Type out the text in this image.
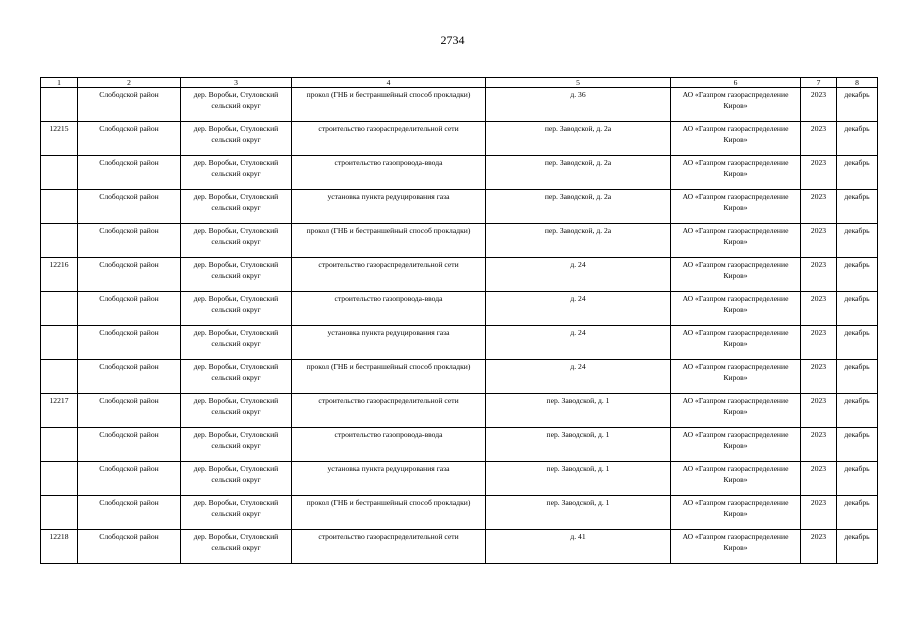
2734
1	2	3	4	5	6	7	8
	Слободской район	дер. Воробьи, Стуловский сельский округ	прокол (ГНБ и бестраншейный способ прокладки)	д. 36	АО «Газпром газораспределение Киров»	2023	декабрь
12215	Слободской район	дер. Воробьи, Стуловский сельский округ	строительство газораспределительной сети	пер. Заводской, д. 2а	АО «Газпром газораспределение Киров»	2023	декабрь
	Слободской район	дер. Воробьи, Стуловский сельский округ	строительство газопровода-ввода	пер. Заводской, д. 2а	АО «Газпром газораспределение Киров»	2023	декабрь
	Слободской район	дер. Воробьи, Стуловский сельский округ	установка пункта редуцирования газа	пер. Заводской, д. 2а	АО «Газпром газораспределение Киров»	2023	декабрь
	Слободской район	дер. Воробьи, Стуловский сельский округ	прокол (ГНБ и бестраншейный способ прокладки)	пер. Заводской, д. 2а	АО «Газпром газораспределение Киров»	2023	декабрь
12216	Слободской район	дер. Воробьи, Стуловский сельский округ	строительство газораспределительной сети	д. 24	АО «Газпром газораспределение Киров»	2023	декабрь
	Слободской район	дер. Воробьи, Стуловский сельский округ	строительство газопровода-ввода	д. 24	АО «Газпром газораспределение Киров»	2023	декабрь
	Слободской район	дер. Воробьи, Стуловский сельский округ	установка пункта редуцирования газа	д. 24	АО «Газпром газораспределение Киров»	2023	декабрь
	Слободской район	дер. Воробьи, Стуловский сельский округ	прокол (ГНБ и бестраншейный способ прокладки)	д. 24	АО «Газпром газораспределение Киров»	2023	декабрь
12217	Слободской район	дер. Воробьи, Стуловский сельский округ	строительство газораспределительной сети	пер. Заводской, д. 1	АО «Газпром газораспределение Киров»	2023	декабрь
	Слободской район	дер. Воробьи, Стуловский сельский округ	строительство газопровода-ввода	пер. Заводской, д. 1	АО «Газпром газораспределение Киров»	2023	декабрь
	Слободской район	дер. Воробьи, Стуловский сельский округ	установка пункта редуцирования газа	пер. Заводской, д. 1	АО «Газпром газораспределение Киров»	2023	декабрь
	Слободской район	дер. Воробьи, Стуловский сельский округ	прокол (ГНБ и бестраншейный способ прокладки)	пер. Заводской, д. 1	АО «Газпром газораспределение Киров»	2023	декабрь
12218	Слободской район	дер. Воробьи, Стуловский сельский округ	строительство газораспределительной сети	д. 41	АО «Газпром газораспределение Киров»	2023	декабрь
